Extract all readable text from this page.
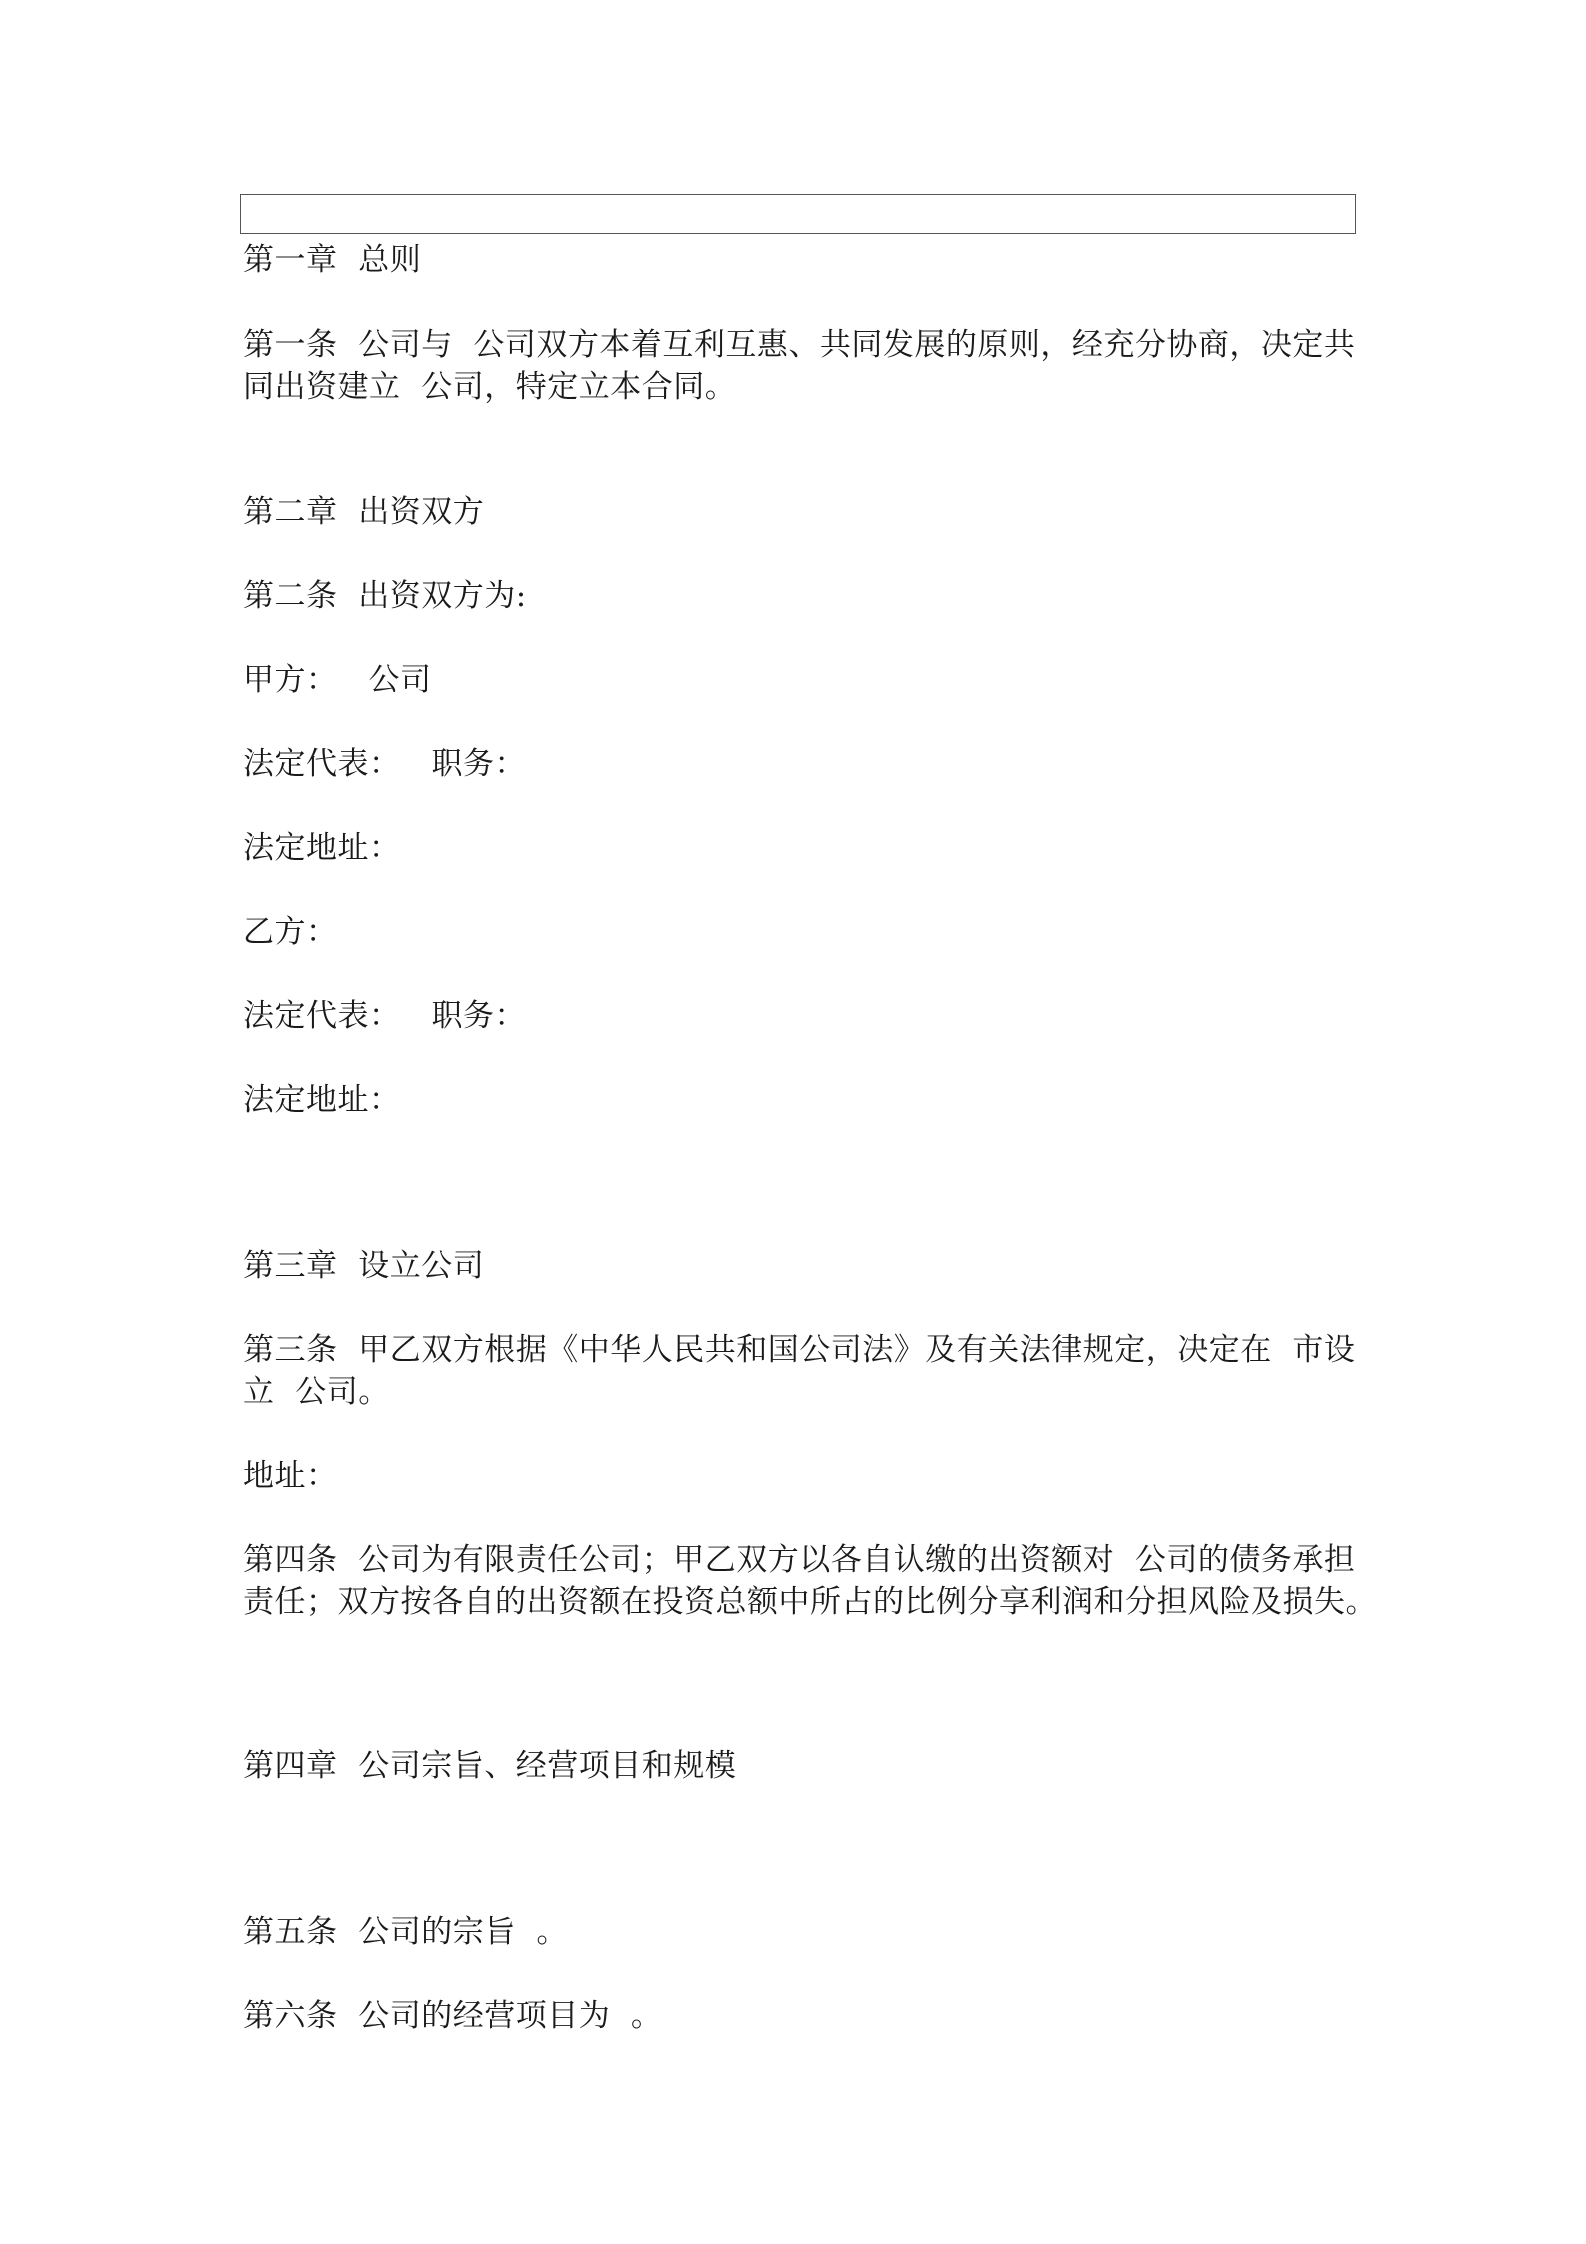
第一章  总则
第一条  公司与  公司双方本着互利互惠、共同发展的原则，经充分协商，决定共
同出资建立  公司，特定立本合同。
第二章  出资双方
第二条  出资双方为:
甲方：   公司
法定代表：   职务：
法定地址：
乙方：
法定代表：   职务：
法定地址：
第三章  设立公司
第三条  甲乙双方根据《中华人民共和国公司法》及有关法律规定，决定在  市设
立  公司。
地址：
第四条  公司为有限责任公司；甲乙双方以各自认缴的出资额对  公司的债务承担
责任；双方按各自的出资额在投资总额中所占的比例分享利润和分担风险及损失。
第四章  公司宗旨、经营项目和规模
第五条  公司的宗旨  。
第六条  公司的经营项目为  。
